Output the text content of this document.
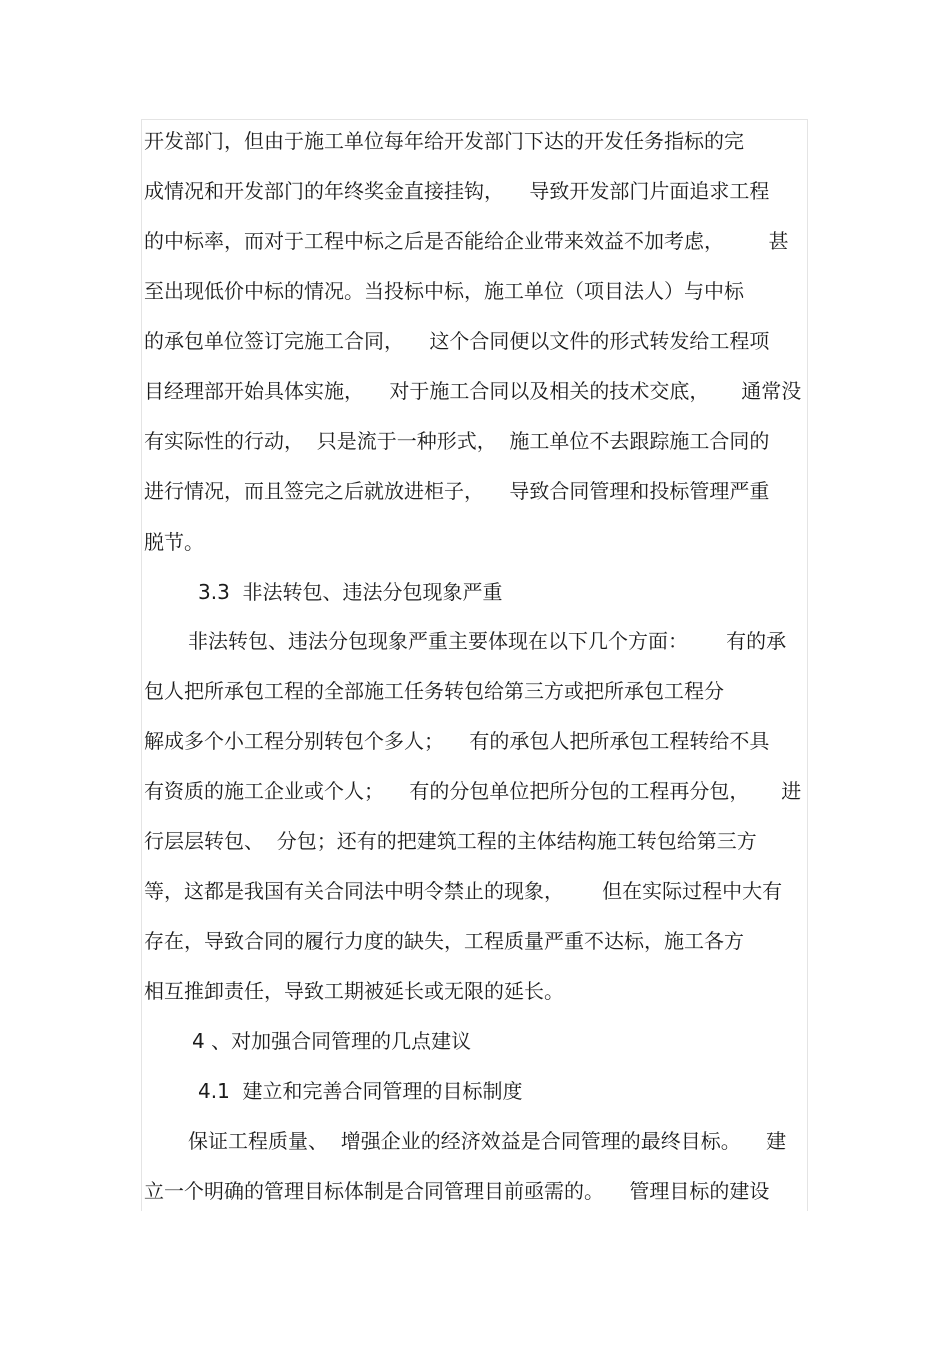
开发部门，但由于施工单位每年给开发部门下达的开发任务指标的完
成情况和开发部门的年终奖金直接挂钩，    导致开发部门片面追求工程
的中标率，而对于工程中标之后是否能给企业带来效益不加考虑，       甚
至出现低价中标的情况。当投标中标，施工单位（项目法人）与中标
的承包单位签订完施工合同，    这个合同便以文件的形式转发给工程项
目经理部开始具体实施，    对于施工合同以及相关的技术交底，     通常没
有实际性的行动，  只是流于一种形式，  施工单位不去跟踪施工合同的
进行情况，而且签完之后就放进柜子，    导致合同管理和投标管理严重
脱节。
3.3  非法转包、违法分包现象严重
非法转包、违法分包现象严重主要体现在以下几个方面：      有的承
包人把所承包工程的全部施工任务转包给第三方或把所承包工程分
解成多个小工程分别转包个多人；    有的承包人把所承包工程转给不具
有资质的施工企业或个人；    有的分包单位把所分包的工程再分包，     进
行层层转包、  分包；还有的把建筑工程的主体结构施工转包给第三方
等，这都是我国有关合同法中明令禁止的现象，      但在实际过程中大有
存在，导致合同的履行力度的缺失，工程质量严重不达标，施工各方
相互推卸责任，导致工期被延长或无限的延长。
4 、对加强合同管理的几点建议
4.1  建立和完善合同管理的目标制度
保证工程质量、  增强企业的经济效益是合同管理的最终目标。    建
立一个明确的管理目标体制是合同管理目前亟需的。    管理目标的建设
